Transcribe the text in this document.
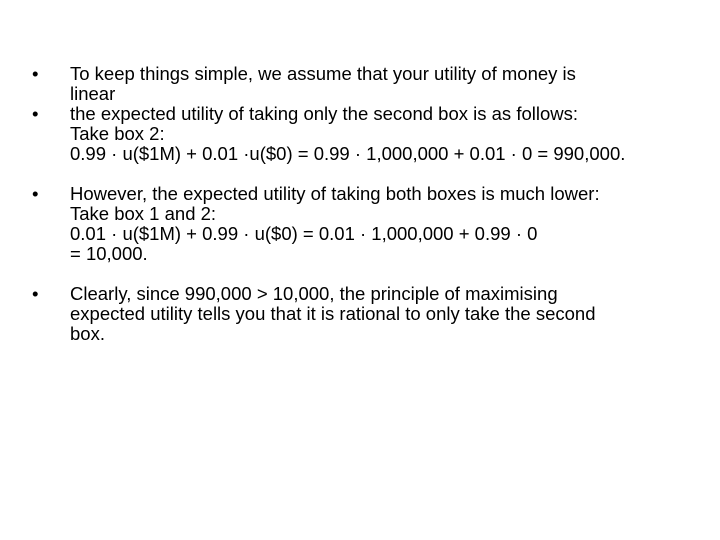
•	To keep things simple, we assume that your utility of money is
linear
•	the expected utility of taking only the second box is as follows:
Take box 2:
0.99 · u($1M) + 0.01 ·u($0) = 0.99 · 1,000,000 + 0.01 · 0 = 990,000.
•	However, the expected utility of taking both boxes is much lower:
Take box 1 and 2:
0.01 · u($1M) + 0.99 · u($0) = 0.01 · 1,000,000 + 0.99 · 0
= 10,000.
•	Clearly, since 990,000 > 10,000, the principle of maximising
expected utility tells you that it is rational to only take the second
box.
